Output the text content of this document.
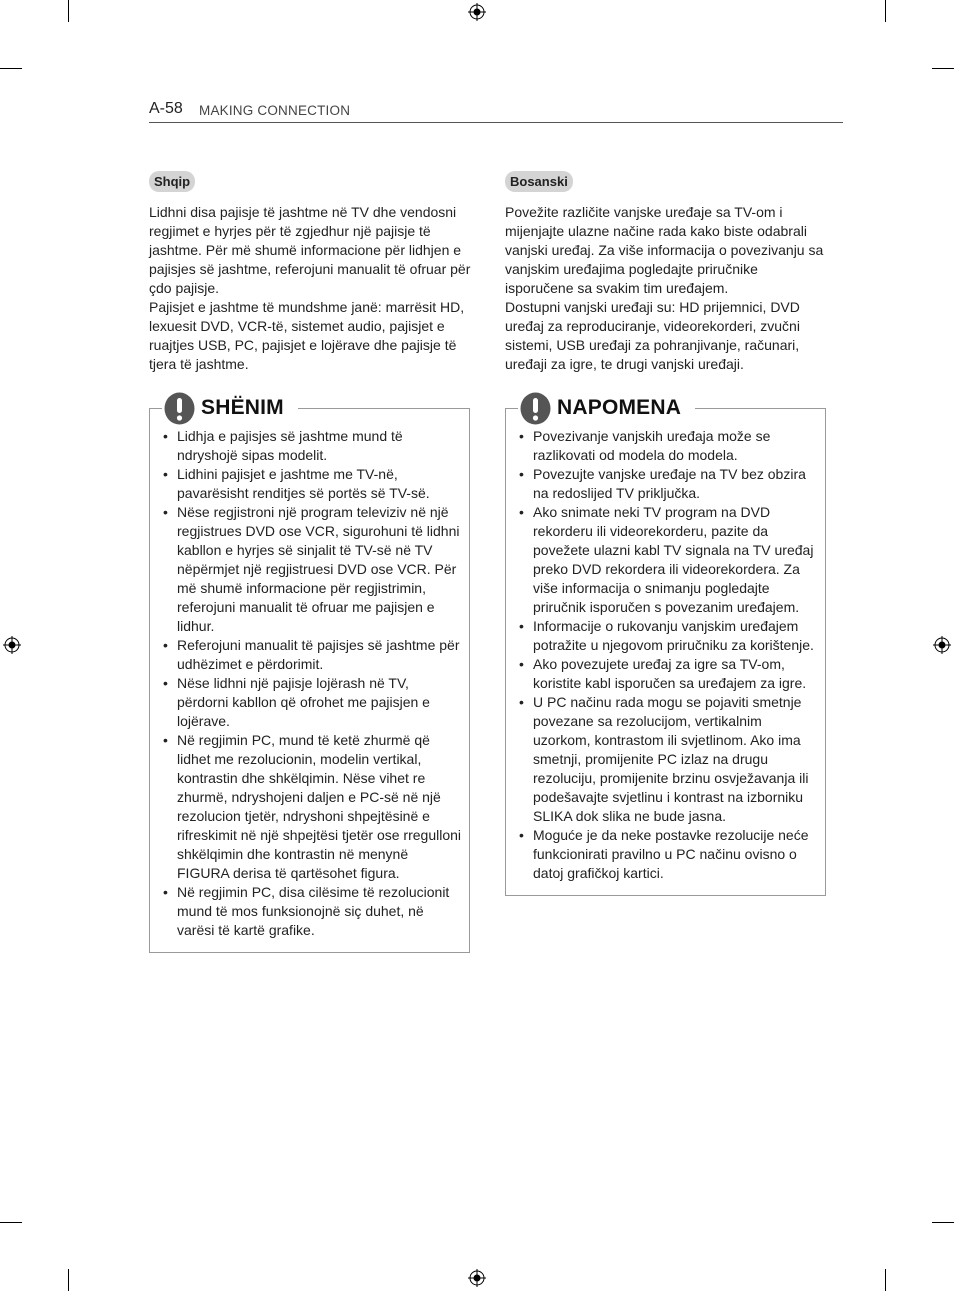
A-58 MAKING CONNECTION
Shqip

Lidhni disa pajisje të jashtme në TV dhe vendosni regjimet e hyrjes për të zgjedhur një pajisje të jashtme. Për më shumë informacione për lidhjen e pajisjes së jashtme, referojuni manualit të ofruar për çdo pajisje.

Pajisjet e jashtme të mundshme janë: marrësit HD, lexuesit DVD, VCR-të, sistemet audio, pajisjet e ruajtjes USB, PC, pajisjet e lojërave dhe pajisje të tjera të jashtme.

SHËNIM
• Lidhja e pajisjes së jashtme mund të ndryshojë sipas modelit.
• Lidhini pajisjet e jashtme me TV-në, pavarësisht renditjes së portës së TV-së.
• Nëse regjistroni një program televiziv në një regjistrues DVD ose VCR, sigurohuni të lidhni kabllon e hyrjes së sinjalit të TV-së në TV nëpërmjet një regjistruesi DVD ose VCR. Për më shumë informacione për regjistrimin, referojuni manualit të ofruar me pajisjen e lidhur.
• Referojuni manualit të pajisjes së jashtme për udhëzimet e përdorimit.
• Nëse lidhni një pajisje lojërash në TV, përdorni kabllon që ofrohet me pajisjen e lojërave.
• Në regjimin PC, mund të ketë zhurmë që lidhet me rezolucionin, modelin vertikal, kontrastin dhe shkëlqimin. Nëse vihet re zhurmë, ndryshojeni daljen e PC-së në një rezolucion tjetër, ndryshoni shpejtësinë e rifreskimit në një shpejtësi tjetër ose rregulloni shkëlqimin dhe kontrastin në menynë FIGURA derisa të qartësohet figura.
• Në regjimin PC, disa cilësime të rezolucionit mund të mos funksionojnë siç duhet, në varësi të kartë grafike.
Bosanski

Povežite različite vanjske uređaje sa TV-om i mijenjajte ulazne načine rada kako biste odabrali vanjski uređaj. Za više informacija o povezivanju sa vanjskim uređajima pogledajte priručnike isporučene sa svakim tim uređajem.

Dostupni vanjski uređaji su: HD prijemnici, DVD uređaj za reproduciranje, videorekorderi, zvučni sistemi, USB uređaji za pohranjivanje, računari, uređaji za igre, te drugi vanjski uređaji.

NAPOMENA
• Povezivanje vanjskih uređaja može se razlikovati od modela do modela.
• Povezujte vanjske uređaje na TV bez obzira na redoslijed TV priključka.
• Ako snimate neki TV program na DVD rekorderu ili videorekorderu, pazite da povežete ulazni kabl TV signala na TV uređaj preko DVD rekordera ili videorekordera. Za više informacija o snimanju pogledajte priručnik isporučen s povezanim uređajem.
• Informacije o rukovanju vanjskim uređajem potražite u njegovom priručniku za korištenje.
• Ako povezujete uređaj za igre sa TV-om, koristite kabl isporučen sa uređajem za igre.
• U PC načinu rada mogu se pojaviti smetnje povezane sa rezolucijom, vertikalnim uzorkom, kontrastom ili svjetlinom. Ako ima smetnji, promijenite PC izlaz na drugu rezoluciju, promijenite brzinu osvježavanja ili podešavajte svjetlinu i kontrast na izborniku SLIKA dok slika ne bude jasna.
• Moguće je da neke postavke rezolucije neće funkcionirati pravilno u PC načinu ovisno o datoj grafičkoj kartici.
